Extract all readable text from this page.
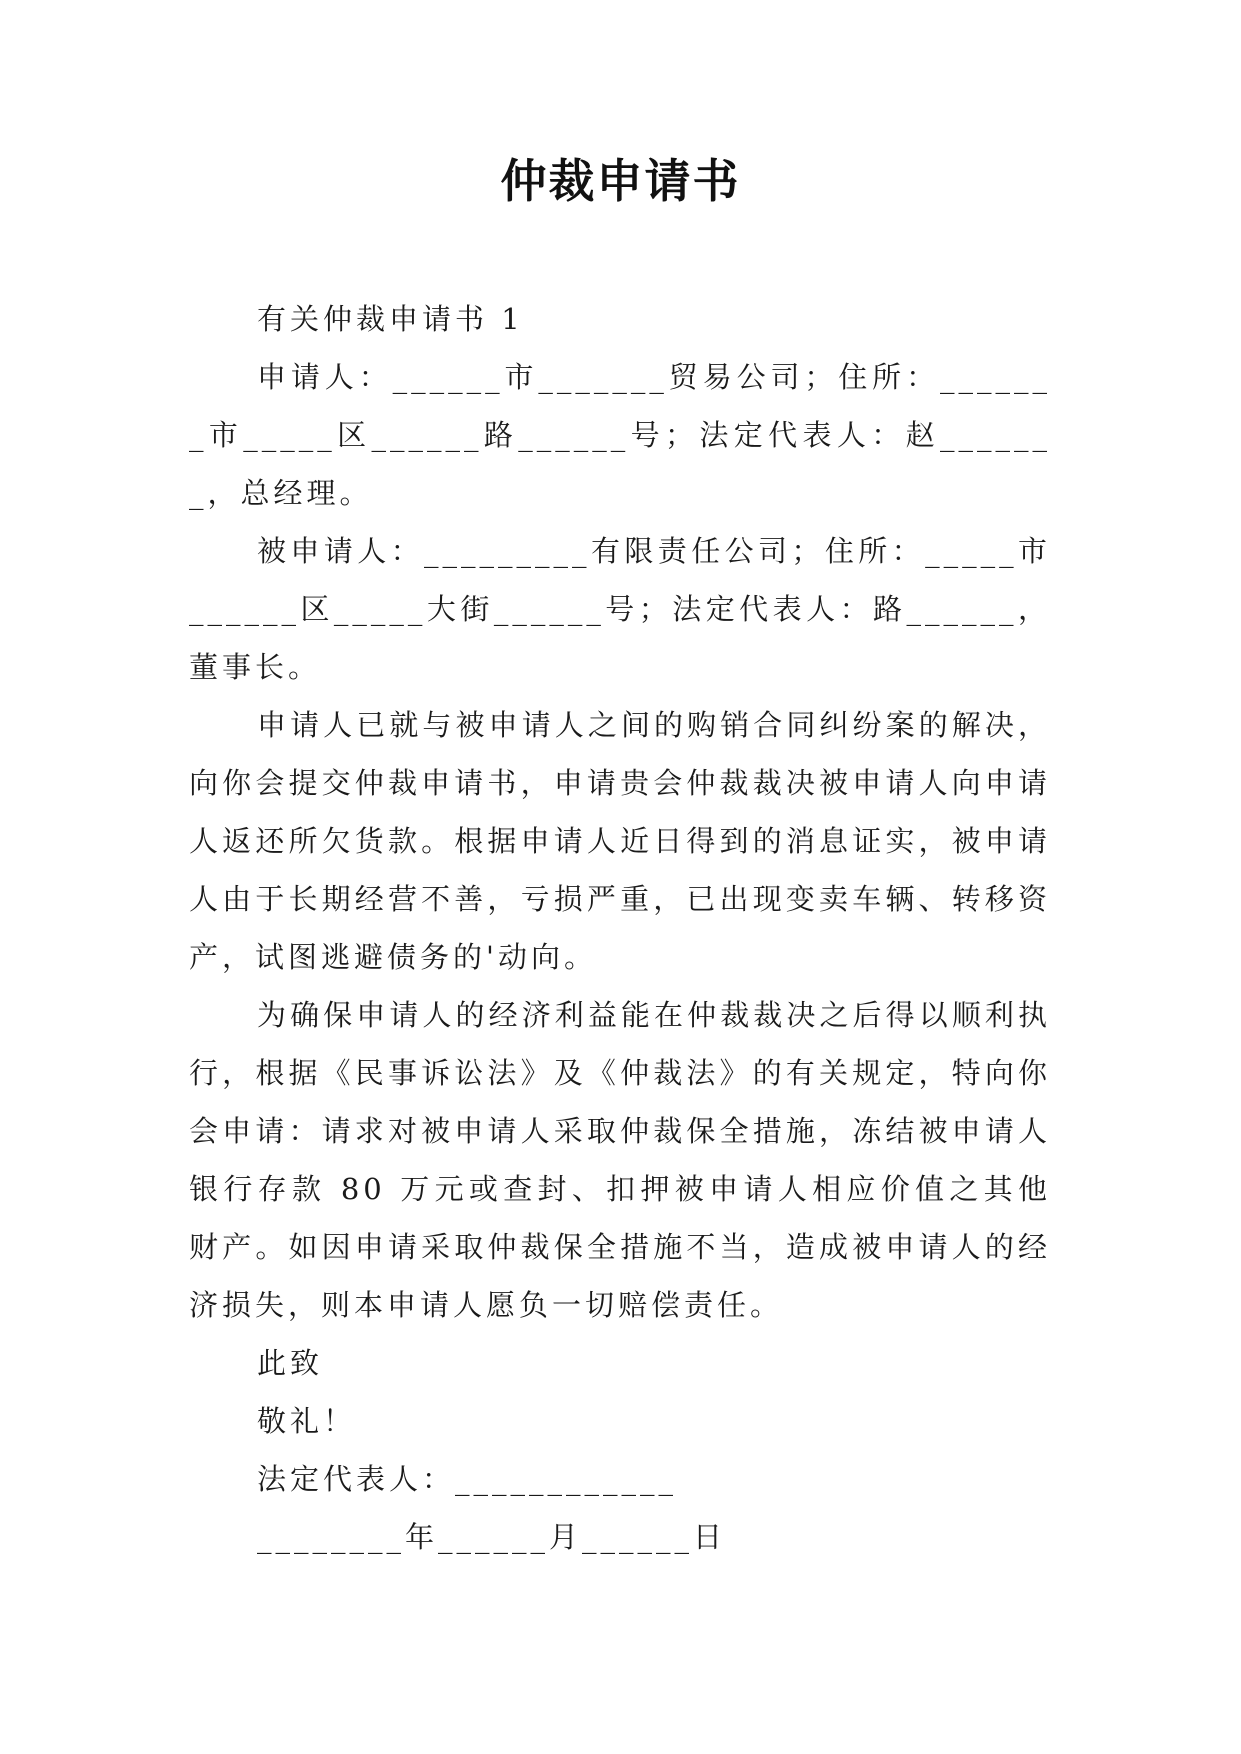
仲裁申请书

有关仲裁申请书 1

申请人：______市_______贸易公司；住所：_______市_____区______路______号；法定代表人：赵_______，总经理。

被申请人：_________有限责任公司；住所：_____市______区_____大街______号；法定代表人：路______，董事长。

申请人已就与被申请人之间的购销合同纠纷案的解决，向你会提交仲裁申请书，申请贵会仲裁裁决被申请人向申请人返还所欠货款。根据申请人近日得到的消息证实，被申请人由于长期经营不善，亏损严重，已出现变卖车辆、转移资产，试图逃避债务的'动向。

为确保申请人的经济利益能在仲裁裁决之后得以顺利执行，根据《民事诉讼法》及《仲裁法》的有关规定，特向你会申请：请求对被申请人采取仲裁保全措施，冻结被申请人银行存款 80 万元或查封、扣押被申请人相应价值之其他财产。如因申请采取仲裁保全措施不当，造成被申请人的经济损失，则本申请人愿负一切赔偿责任。

此致

敬礼！

法定代表人：____________

________年______月______日
